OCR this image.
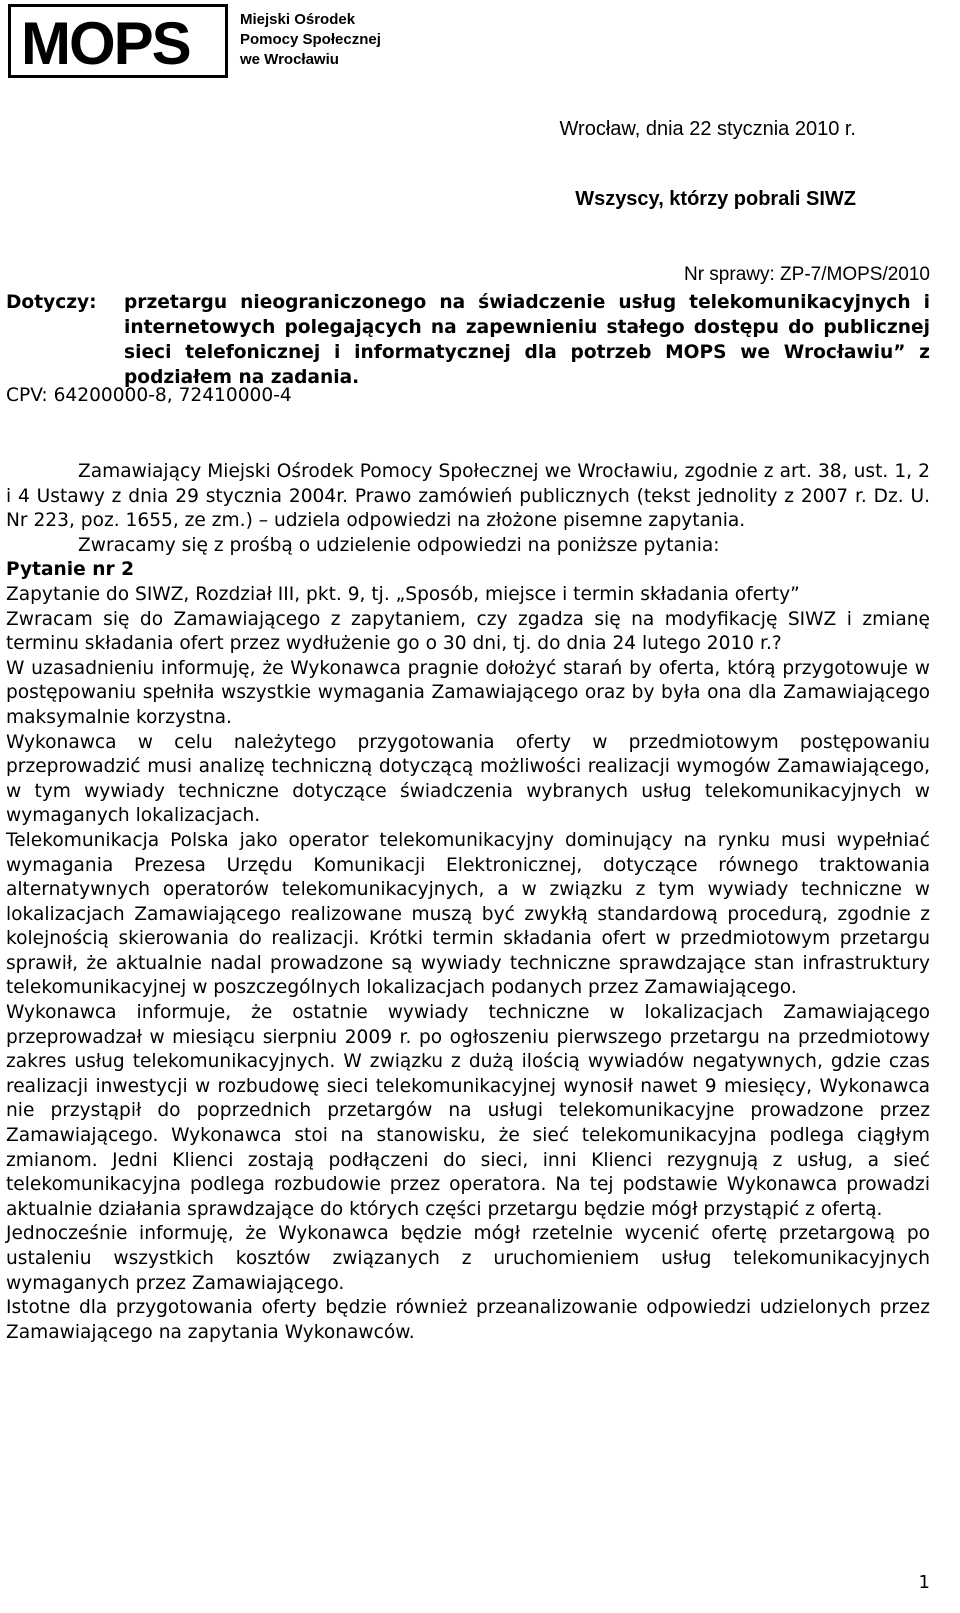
MOPS	Miejski Ośrodek
Pomocy Społecznej
we Wrocławiu
Wrocław, dnia 22 stycznia 2010 r.
Wszyscy, którzy pobrali SIWZ
Nr sprawy: ZP-7/MOPS/2010
Dotyczy: przetargu nieograniczonego na świadczenie usług telekomunikacyjnych i internetowych polegających na zapewnieniu stałego dostępu do publicznej sieci telefonicznej i informatycznej dla potrzeb MOPS we Wrocławiu” z podziałem na zadania.
CPV: 64200000-8, 72410000-4

Zamawiający Miejski Ośrodek Pomocy Społecznej we Wrocławiu, zgodnie z art. 38, ust. 1, 2 i 4 Ustawy z dnia 29 stycznia 2004r. Prawo zamówień publicznych (tekst jednolity z 2007 r. Dz. U. Nr 223, poz. 1655, ze zm.) – udziela odpowiedzi na złożone pisemne zapytania.

Zwracamy się z prośbą o udzielenie odpowiedzi na poniższe pytania:

Pytanie nr 2

Zapytanie do SIWZ, Rozdział III, pkt. 9, tj. „Sposób, miejsce i termin składania oferty”

Zwracam się do Zamawiającego z zapytaniem, czy zgadza się na modyfikację SIWZ i zmianę terminu składania ofert przez wydłużenie go o 30 dni, tj. do dnia 24 lutego 2010 r.?

W uzasadnieniu informuję, że Wykonawca pragnie dołożyć starań by oferta, którą przygotowuje w postępowaniu spełniła wszystkie wymagania Zamawiającego oraz by była ona dla Zamawiającego maksymalnie korzystna.

Wykonawca w celu należytego przygotowania oferty w przedmiotowym postępowaniu przeprowadzić musi analizę techniczną dotyczącą możliwości realizacji wymogów Zamawiającego, w tym wywiady techniczne dotyczące świadczenia wybranych usług telekomunikacyjnych w wymaganych lokalizacjach.

Telekomunikacja Polska jako operator telekomunikacyjny dominujący na rynku musi wypełniać wymagania Prezesa Urzędu Komunikacji Elektronicznej, dotyczące równego traktowania alternatywnych operatorów telekomunikacyjnych, a w związku z tym wywiady techniczne w lokalizacjach Zamawiającego realizowane muszą być zwykłą standardową procedurą, zgodnie z kolejnością skierowania do realizacji. Krótki termin składania ofert w przedmiotowym przetargu sprawił, że aktualnie nadal prowadzone są wywiady techniczne sprawdzające stan infrastruktury telekomunikacyjnej w poszczególnych lokalizacjach podanych przez Zamawiającego.

Wykonawca informuje, że ostatnie wywiady techniczne w lokalizacjach Zamawiającego przeprowadzał w miesiącu sierpniu 2009 r. po ogłoszeniu pierwszego przetargu na przedmiotowy zakres usług telekomunikacyjnych. W związku z dużą ilością wywiadów negatywnych, gdzie czas realizacji inwestycji w rozbudowę sieci telekomunikacyjnej wynosił nawet 9 miesięcy, Wykonawca nie przystąpił do poprzednich przetargów na usługi telekomunikacyjne prowadzone przez Zamawiającego. Wykonawca stoi na stanowisku, że sieć telekomunikacyjna podlega ciągłym zmianom. Jedni Klienci zostają podłączeni do sieci, inni Klienci rezygnują z usług, a sieć telekomunikacyjna podlega rozbudowie przez operatora. Na tej podstawie Wykonawca prowadzi aktualnie działania sprawdzające do których części przetargu będzie mógł przystąpić z ofertą.

Jednocześnie informuję, że Wykonawca będzie mógł rzetelnie wycenić ofertę przetargową po ustaleniu wszystkich kosztów związanych z uruchomieniem usług telekomunikacyjnych wymaganych przez Zamawiającego.

Istotne dla przygotowania oferty będzie również przeanalizowanie odpowiedzi udzielonych przez Zamawiającego na zapytania Wykonawców.

1
